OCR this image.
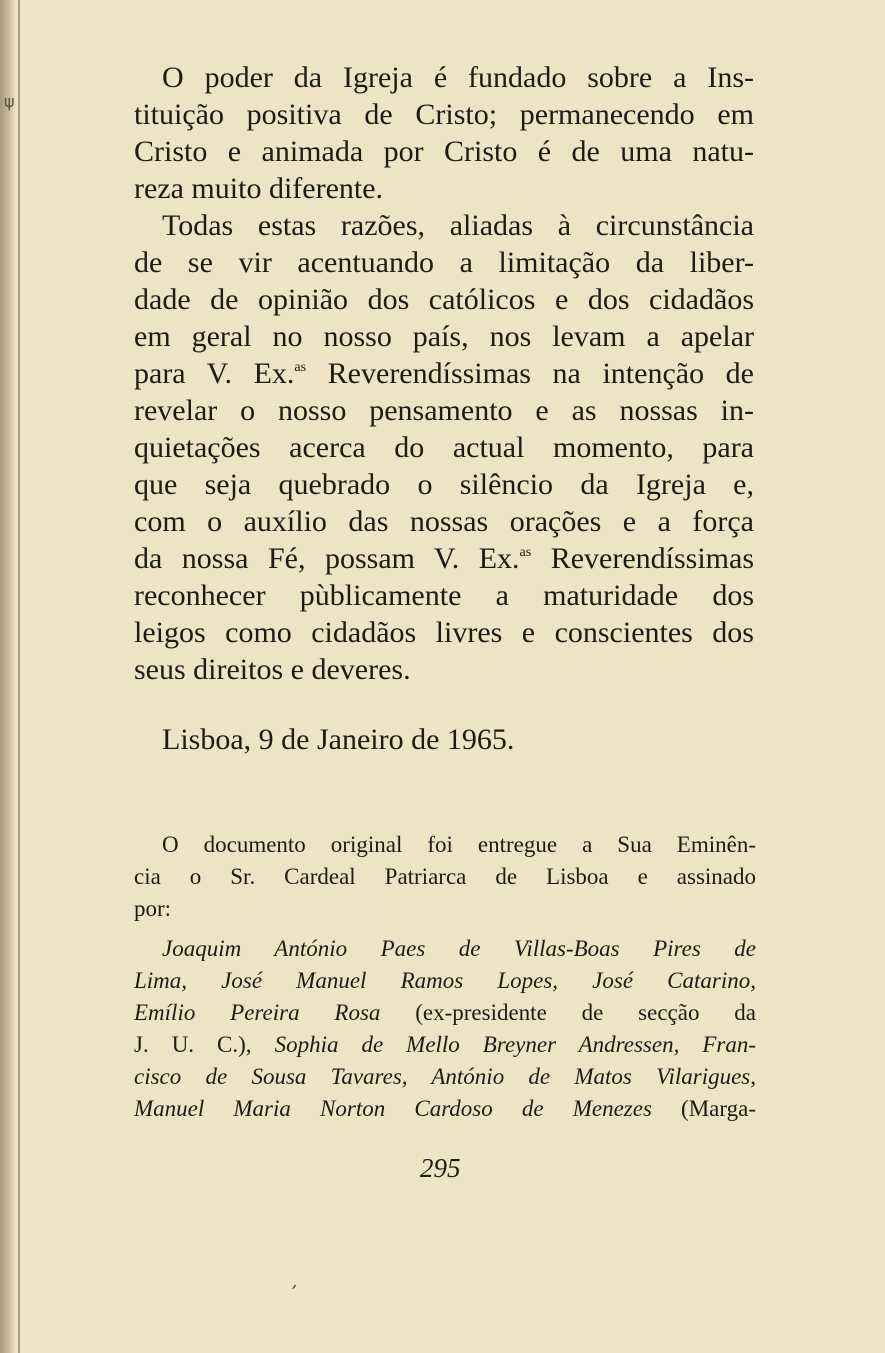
ψ

O poder da Igreja é fundado sobre a Ins-

tituição positiva de Cristo; permanecendo em

Cristo e animada por Cristo é de uma natu-

reza muito diferente.

Todas estas razões, aliadas à circunstância

de se vir acentuando a limitação da liber-

dade de opinião dos católicos e dos cidadãos

em geral no nosso país, nos levam a apelar

para V. Ex.$^{as}$ Reverendíssimas na intenção de

revelar o nosso pensamento e as nossas in-

quietações acerca do actual momento, para

que seja quebrado o silêncio da Igreja e,

com o auxílio das nossas orações e a força

da nossa Fé, possam V. Ex.$^{as}$ Reverendíssimas

reconhecer pùblicamente a maturidade dos

leigos como cidadãos livres e conscientes dos

seus direitos e deveres.

Lisboa, 9 de Janeiro de 1965.

O documento original foi entregue a Sua Eminên-

cia o Sr. Cardeal Patriarca de Lisboa e assinado

por:

Joaquim António Paes de Villas-Boas Pires de

Lima, José Manuel Ramos Lopes, José Catarino,

Emílio Pereira Rosa (ex-presidente de secção da

J. U. C.), Sophia de Mello Breyner Andressen, Fran-

cisco de Sousa Tavares, António de Matos Vilarigues,

Manuel Maria Norton Cardoso de Menezes (Marga-

295
,
